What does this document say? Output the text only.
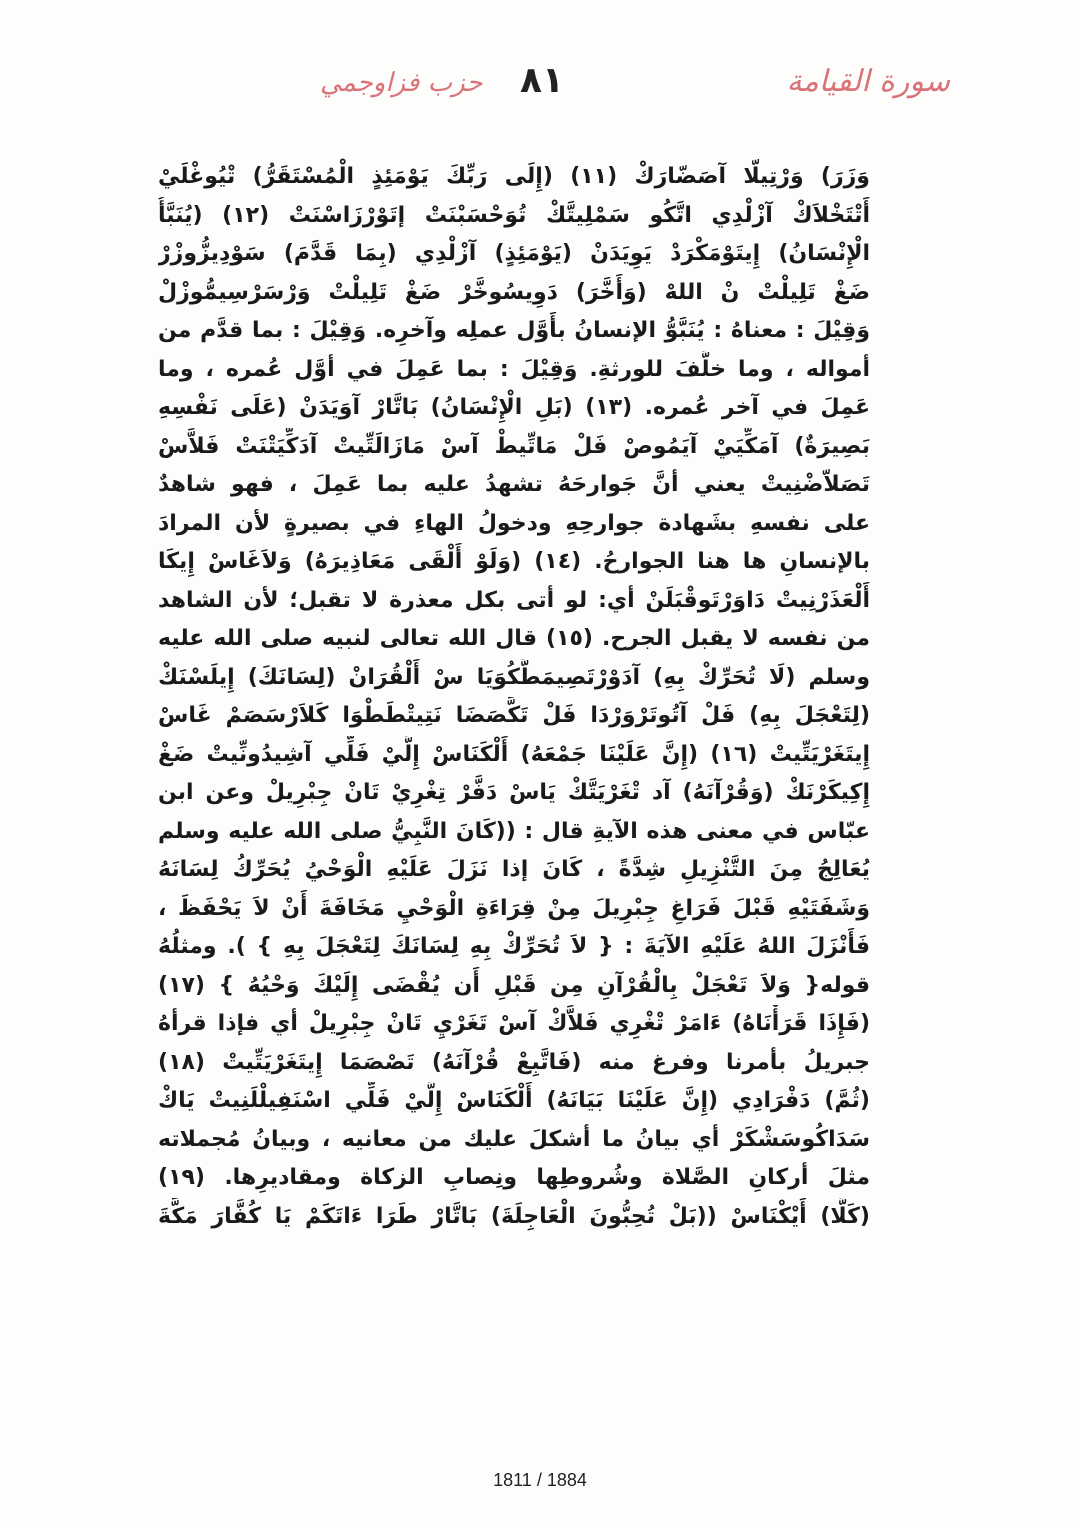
سورة القيامة
٨١
حزب فزاوجمي
وَزَرَ) وَرْتِيلّا آصَضّارَكْ (١١) (إِلَى رَبِّكَ يَوْمَئِذٍ الْمُسْتَقَرُّ) تْيُوغْلَيْ
أَتْتَخْلاَكْ آزْلْدِي اتَّكُو سَمْلِيتَّكْ تُوَحْسَبْنَتْ إتَوْرْزَاسْنَتْ (١٢) (يُنَبَّأُ
الْإِنْسَانُ) إِيتَوْمَكْرَدْ يَوِيَدَنْ (يَوْمَئِذٍ) آزْلْدِي (بِمَا قَدَّمَ) سَوْدِيزُّوزْرْ
ضَغْ تَلِيلْتْ نْ اللهْ (وَأَخَّرَ) دَوِيسُوخَّرْ ضَغْ تَلِيلْتْ وَرْسَرْسِيمُّوزْلْ
وَقِيْلَ : معناهُ : يُنَبَّوُّ الإنسانُ بأَوَّل عملِه وآخرِه. وَقِيْلَ : بما قدَّم من
أمواله ، وما خلَّفَ للورثةِ. وَقِيْلَ : بما عَمِلَ في أوَّل عُمره ، وما
عَمِلَ في آخر عُمره. (١٣) (بَلِ الْإِنْسَانُ) بَاتَّارْ آوَيَدَنْ (عَلَى نَفْسِهِ
بَصِيرَةٌ) آمَكِّيَيْ آيَمُوصْ فَلْ مَاتِّيطْ آسْ مَازَالَتِّيتْ آدَكِّيَتْنَتْ فَلاَّسْ
تَصَلاّضْنِيتْ يعني أنَّ جَوارحَهُ تشهدُ عليه بما عَمِلَ ، فهو شاهدٌ
على نفسهِ بشَهادة جوارحِهِ ودخولُ الهاءِ في بصيرةٍ لأن المرادَ
بالإنسانِ ها هنا الجوارحُ. (١٤) (وَلَوْ أَلْقَى مَعَاذِيرَهُ) وَلاَغَاسْ إِيكَا
أَلْعَذَرْنِيتْ دَاوَرْتَوقْبَلَنْ أي: لو أتى بكل معذرة لا تقبل؛ لأن الشاهد
من نفسه لا يقبل الجرح. (١٥) قال الله تعالى لنبيه صلى الله عليه
وسلم (لَا تُحَرِّكْ بِهِ) آدَوْرْتَصِيمَطَّكُوَيَا سْ أَلْقُرَانْ (لِسَانَكَ) إِيلَسْنَكْ
(لِتَعْجَلَ بِهِ) فَلْ آتُوتَرْوَرْدَا فَلْ تَكَّصَضَا نَتِيتْطَطْوَا كَلاَرْسَصَمْ غَاسْ
إِيتَغَرْيَتِّيتْ (١٦) (إِنَّ عَلَيْنَا جَمْعَهُ) أَلْكَنَاسْ إِلَّيْ فَلِّي آشِيدُونِّيتْ ضَغْ
إِكِيكَرْنَكْ (وَقُرْآنَهُ) آد تْغَرْيَتَّكْ يَاسْ دَفَّرْ تِغْرِيْ تَانْ جِبْرِيلْ وعن ابن
عبّاس في معنى هذه الآيةِ قال : ((كَانَ النَّبِيُّ صلى الله عليه وسلم
يُعَالِجُ مِنَ التَّنْزِيلِ شِدَّةً ، كَانَ إذا نَزَلَ عَلَيْهِ الْوَحْيُ يُحَرِّكُ لِسَانَهُ
وَشَفَتَيْهِ قَبْلَ فَرَاغِ جِبْرِيلَ مِنْ قِرَاءَةِ الْوَحْيِ مَخَافَةَ أَنْ لاَ يَحْفَظَ ،
فَأَنْزَلَ اللهُ عَلَيْهِ الآيَةَ : { لاَ تُحَرِّكْ بِهِ لِسَانَكَ لِتَعْجَلَ بِهِ } ). ومثلُهُ
قوله{ وَلاَ تَعْجَلْ بِالْقُرْآنِ مِن قَبْلِ أَن يُقْضَى إِلَيْكَ وَحْيُهُ } (١٧)
(فَإِذَا قَرَأْنَاهُ) ءَامَرْ تْغْرِي فَلاَّكْ آسْ تَغَرْيِ تَانْ جِبْرِيلْ أي فإذا قرأهُ
جبريلُ بأمرنا وفرغ منه (فَاتَّبِعْ قُرْآنَهُ) تَصْصَمَا إِيتَغَرْيَتِّيتْ (١٨)
(ثُمَّ) دَفْرَادِي (إِنَّ عَلَيْنَا بَيَانَهُ) أَلْكَنَاسْ إِلَّيْ فَلِّي اسْنَفِيلْلَنِيتْ يَاكْ
سَدَاكُوسَشْكَرْ أي بيانُ ما أشكلَ عليك من معانيه ، وبيانُ مُجملاته
مثلَ أركانِ الصَّلاة وشُروطِها ونِصابِ الزكاة ومقاديرِها. (١٩)
(كَلَّا) أَيْكْنَاسْ ((بَلْ تُحِبُّونَ الْعَاجِلَةَ) بَاتَّارْ طَرَا ءَاتَكَمْ يَا كُفَّارَ مَكَّةَ
1811 / 1884
